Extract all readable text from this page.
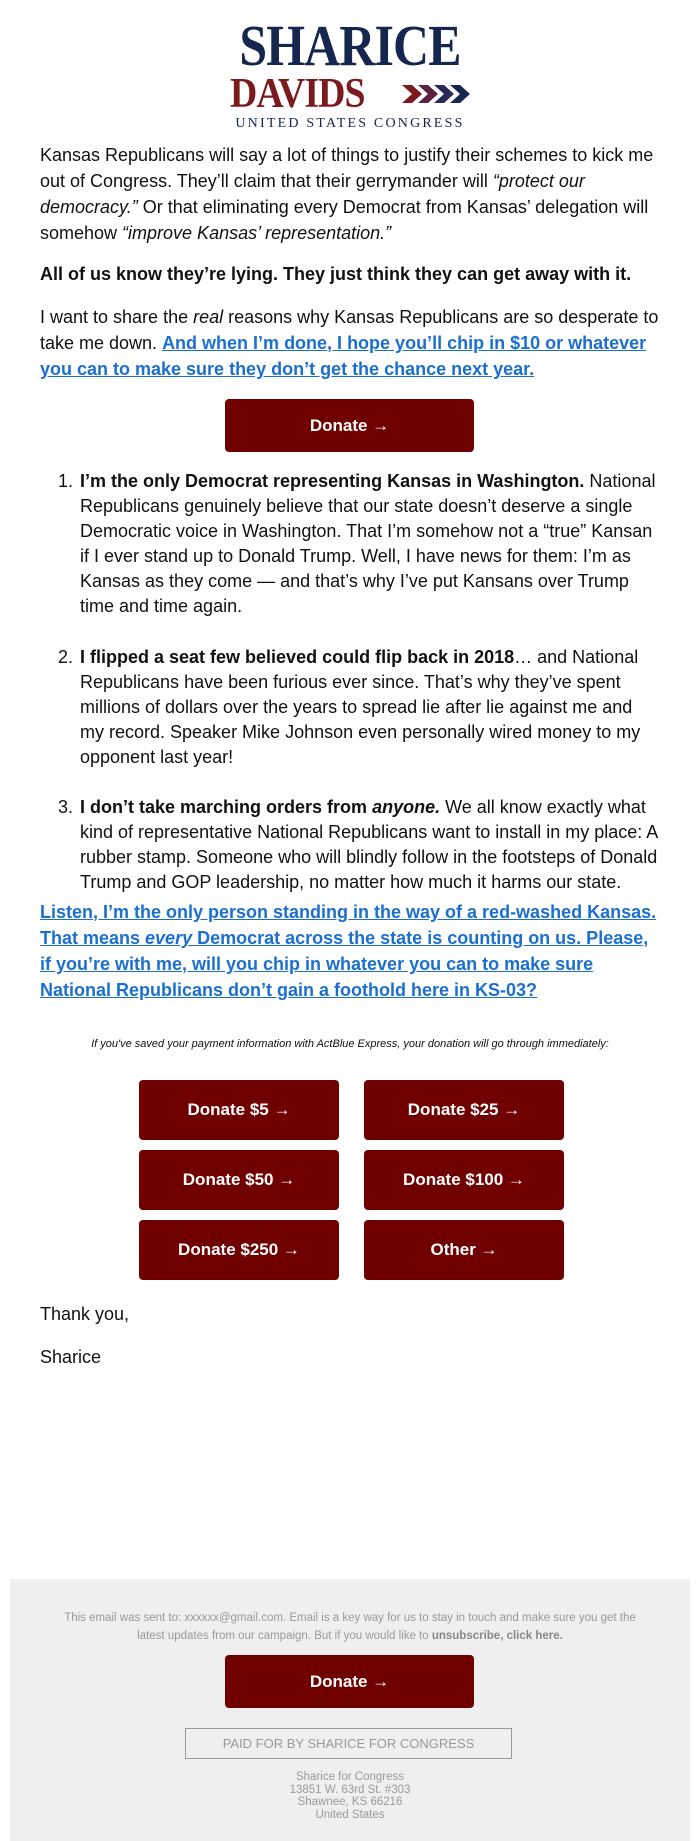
SHARICE
DAVIDS
UNITED STATES CONGRESS

Kansas Republicans will say a lot of things to justify their schemes to kick me out of Congress. They’ll claim that their gerrymander will “protect our democracy.” Or that eliminating every Democrat from Kansas’ delegation will somehow “improve Kansas’ representation.”

All of us know they’re lying. They just think they can get away with it.

I want to share the real reasons why Kansas Republicans are so desperate to take me down. And when I’m done, I hope you’ll chip in $10 or whatever you can to make sure they don’t get the chance next year.

Donate →
1. I’m the only Democrat representing Kansas in Washington. National Republicans genuinely believe that our state doesn’t deserve a single Democratic voice in Washington. That I’m somehow not a “true” Kansan if I ever stand up to Donald Trump. Well, I have news for them: I’m as Kansas as they come — and that’s why I’ve put Kansans over Trump time and time again.
2. I flipped a seat few believed could flip back in 2018… and National Republicans have been furious ever since. That’s why they’ve spent millions of dollars over the years to spread lie after lie against me and my record. Speaker Mike Johnson even personally wired money to my opponent last year!
3. I don’t take marching orders from anyone. We all know exactly what kind of representative National Republicans want to install in my place: A rubber stamp. Someone who will blindly follow in the footsteps of Donald Trump and GOP leadership, no matter how much it harms our state.

Listen, I’m the only person standing in the way of a red-washed Kansas. That means every Democrat across the state is counting on us. Please, if you’re with me, will you chip in whatever you can to make sure National Republicans don’t gain a foothold here in KS-03?

If you've saved your payment information with ActBlue Express, your donation will go through immediately:

Donate $5 →	Donate $25 →
Donate $50 →	Donate $100 →
Donate $250 →	Other →

Thank you,

Sharice

This email was sent to: xxxxxx@gmail.com. Email is a key way for us to stay in touch and make sure you get the latest updates from our campaign. But if you would like to unsubscribe, click here.
Donate →
PAID FOR BY SHARICE FOR CONGRESS
Sharice for Congress
13851 W. 63rd St. #303
Shawnee, KS 66216
United States
